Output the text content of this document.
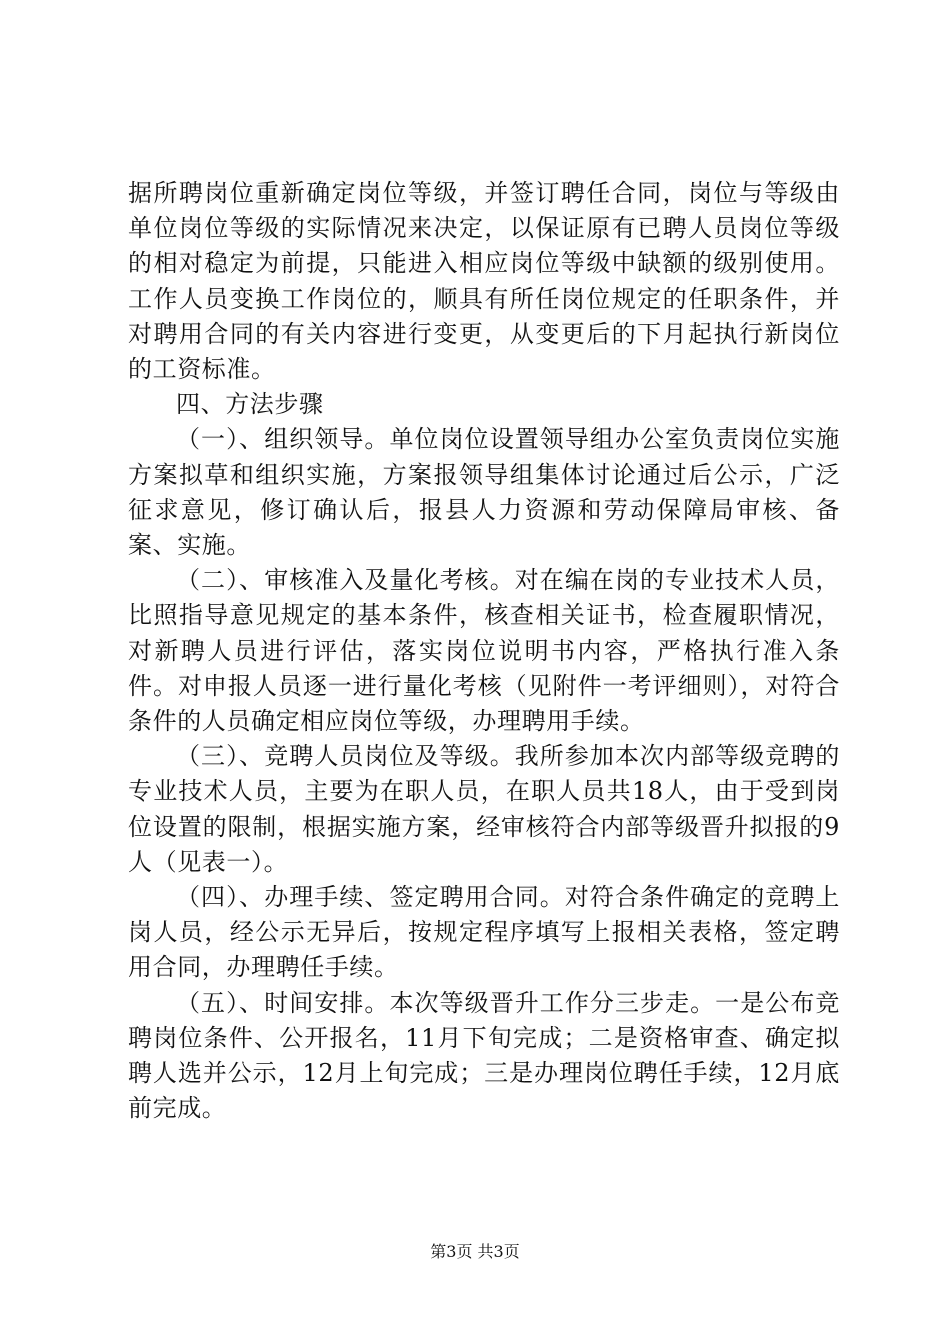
据所聘岗位重新确定岗位等级，并签订聘任合同，岗位与等级由单位岗位等级的实际情况来决定，以保证原有已聘人员岗位等级的相对稳定为前提，只能进入相应岗位等级中缺额的级别使用。工作人员变换工作岗位的，顺具有所任岗位规定的任职条件，并对聘用合同的有关内容进行变更，从变更后的下月起执行新岗位的工资标准。

四、方法步骤

（一）、组织领导。单位岗位设置领导组办公室负责岗位实施方案拟草和组织实施，方案报领导组集体讨论通过后公示，广泛征求意见，修订确认后，报县人力资源和劳动保障局审核、备案、实施。

（二）、审核准入及量化考核。对在编在岗的专业技术人员，比照指导意见规定的基本条件，核查相关证书，检查履职情况，对新聘人员进行评估，落实岗位说明书内容，严格执行准入条件。对申报人员逐一进行量化考核（见附件一考评细则），对符合条件的人员确定相应岗位等级，办理聘用手续。

（三）、竞聘人员岗位及等级。我所参加本次内部等级竞聘的专业技术人员，主要为在职人员，在职人员共18人，由于受到岗位设置的限制，根据实施方案，经审核符合内部等级晋升拟报的9人（见表一）。

（四）、办理手续、签定聘用合同。对符合条件确定的竞聘上岗人员，经公示无异后，按规定程序填写上报相关表格，签定聘用合同，办理聘任手续。

（五）、时间安排。本次等级晋升工作分三步走。一是公布竞聘岗位条件、公开报名，11月下旬完成；二是资格审查、确定拟聘人选并公示，12月上旬完成；三是办理岗位聘任手续，12月底前完成。

第3页 共3页
